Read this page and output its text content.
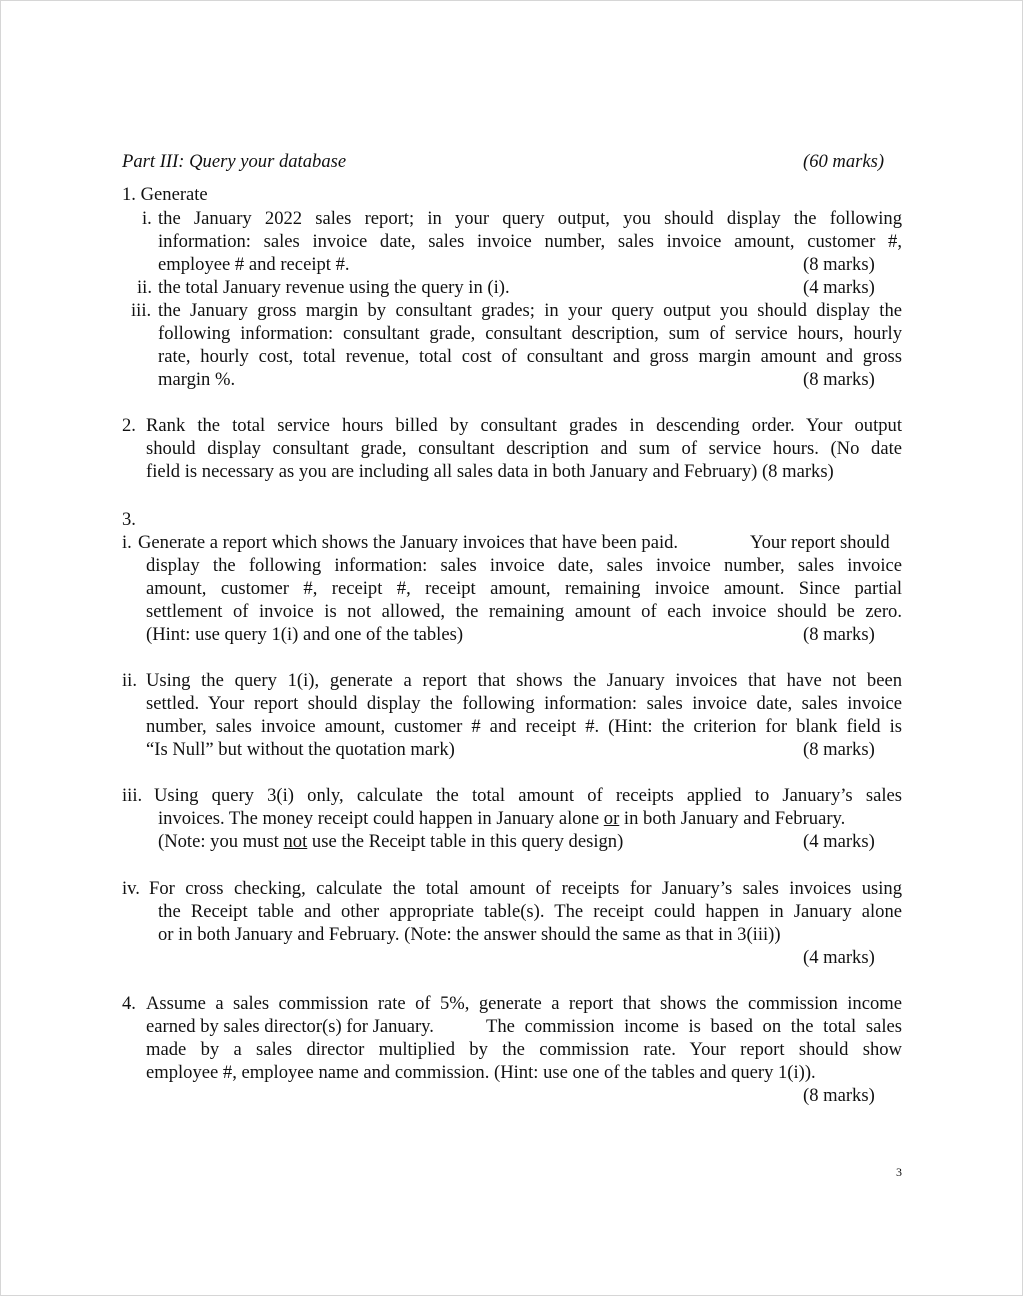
Part III: Query your database	(60 marks)
1. Generate
i. the January 2022 sales report; in your query output, you should display the following
information: sales invoice date, sales invoice number, sales invoice amount, customer #,
employee # and receipt #.	(8 marks)
ii. the total January revenue using the query in (i).	(4 marks)
iii. the January gross margin by consultant grades; in your query output you should display the
following information: consultant grade, consultant description, sum of service hours, hourly
rate, hourly cost, total revenue, total cost of consultant and gross margin amount and gross
margin %.	(8 marks)
2. Rank the total service hours billed by consultant grades in descending order. Your output
should display consultant grade, consultant description and sum of service hours. (No date
field is necessary as you are including all sales data in both January and February) (8 marks)
3.
i. Generate a report which shows the January invoices that have been paid.	Your report should
display the following information: sales invoice date, sales invoice number, sales invoice
amount, customer #, receipt #, receipt amount, remaining invoice amount. Since partial
settlement of invoice is not allowed, the remaining amount of each invoice should be zero.
(Hint: use query 1(i) and one of the tables)	(8 marks)
ii. Using the query 1(i), generate a report that shows the January invoices that have not been
settled. Your report should display the following information: sales invoice date, sales invoice
number, sales invoice amount, customer # and receipt #. (Hint: the criterion for blank field is
“Is Null” but without the quotation mark)	(8 marks)
iii. Using query 3(i) only, calculate the total amount of receipts applied to January’s sales
invoices. The money receipt could happen in January alone or in both January and February.
(Note: you must not use the Receipt table in this query design)	(4 marks)
iv. For cross checking, calculate the total amount of receipts for January’s sales invoices using
the Receipt table and other appropriate table(s). The receipt could happen in January alone
or in both January and February. (Note: the answer should the same as that in 3(iii))
(4 marks)
4. Assume a sales commission rate of 5%, generate a report that shows the commission income
earned by sales director(s) for January.	The commission income is based on the total sales
made by a sales director multiplied by the commission rate. Your report should show
employee #, employee name and commission. (Hint: use one of the tables and query 1(i)).
(8 marks)
3
